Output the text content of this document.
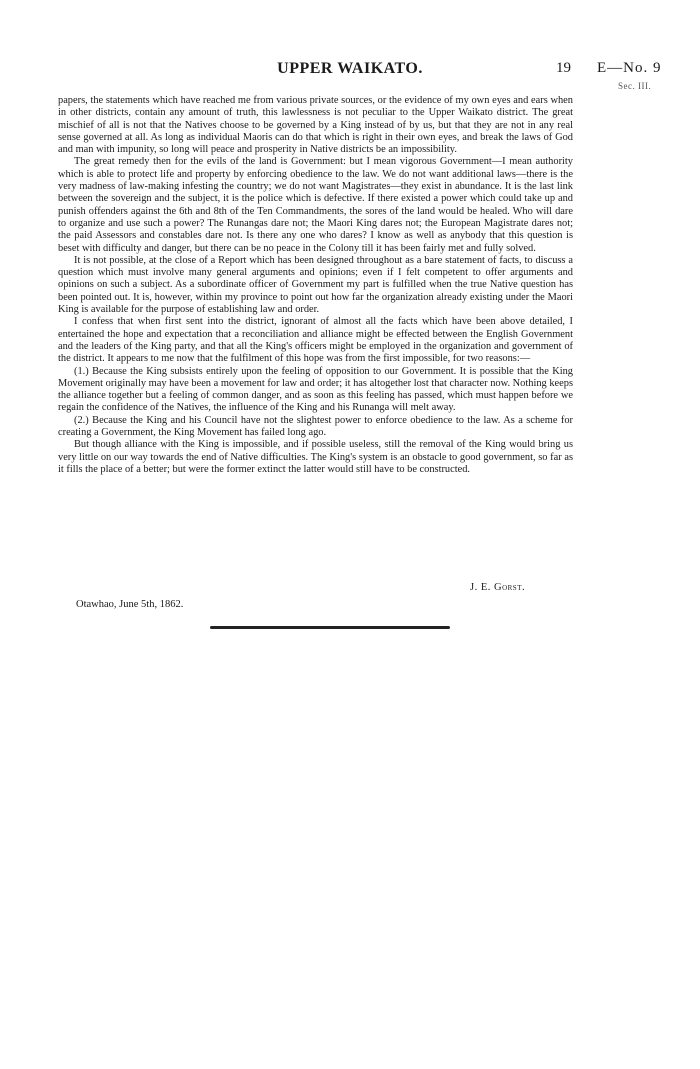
UPPER WAIKATO.	19 E—No. 9
Sec. III.

papers, the statements which have reached me from various private sources, or the evidence of my own eyes and ears when in other districts, contain any amount of truth, this lawlessness is not peculiar to the Upper Waikato district. The great mischief of all is not that the Natives choose to be governed by a King instead of by us, but that they are not in any real sense governed at all. As long as individual Maoris can do that which is right in their own eyes, and break the laws of God and man with impunity, so long will peace and prosperity in Native districts be an impossibility.

The great remedy then for the evils of the land is Government: but I mean vigorous Government—I mean authority which is able to protect life and property by enforcing obedience to the law. We do not want additional laws—there is the very madness of law-making infesting the country; we do not want Magistrates—they exist in abundance. It is the last link between the sovereign and the subject, it is the police which is defective. If there existed a power which could take up and punish offenders against the 6th and 8th of the Ten Commandments, the sores of the land would be healed. Who will dare to organize and use such a power? The Runangas dare not; the Maori King dares not; the European Magistrate dares not; the paid Assessors and constables dare not. Is there any one who dares? I know as well as anybody that this question is beset with difficulty and danger, but there can be no peace in the Colony till it has been fairly met and fully solved.

It is not possible, at the close of a Report which has been designed throughout as a bare statement of facts, to discuss a question which must involve many general arguments and opinions; even if I felt competent to offer arguments and opinions on such a subject. As a subordinate officer of Government my part is fulfilled when the true Native question has been pointed out. It is, however, within my province to point out how far the organization already existing under the Maori King is available for the purpose of establishing law and order.

I confess that when first sent into the district, ignorant of almost all the facts which have been above detailed, I entertained the hope and expectation that a reconciliation and alliance might be effected between the English Government and the leaders of the King party, and that all the King's officers might be employed in the organization and government of the district. It appears to me now that the fulfilment of this hope was from the first impossible, for two reasons:—

(1.) Because the King subsists entirely upon the feeling of opposition to our Government. It is possible that the King Movement originally may have been a movement for law and order; it has altogether lost that character now. Nothing keeps the alliance together but a feeling of common danger, and as soon as this feeling has passed, which must happen before we regain the confidence of the Natives, the influence of the King and his Runanga will melt away.

(2.) Because the King and his Council have not the slightest power to enforce obedience to the law. As a scheme for creating a Government, the King Movement has failed long ago.

But though alliance with the King is impossible, and if possible useless, still the removal of the King would bring us very little on our way towards the end of Native difficulties. The King's system is an obstacle to good government, so far as it fills the place of a better; but were the former extinct the latter would still have to be constructed.

J. E. Gorst.
Otawhao, June 5th, 1862.
